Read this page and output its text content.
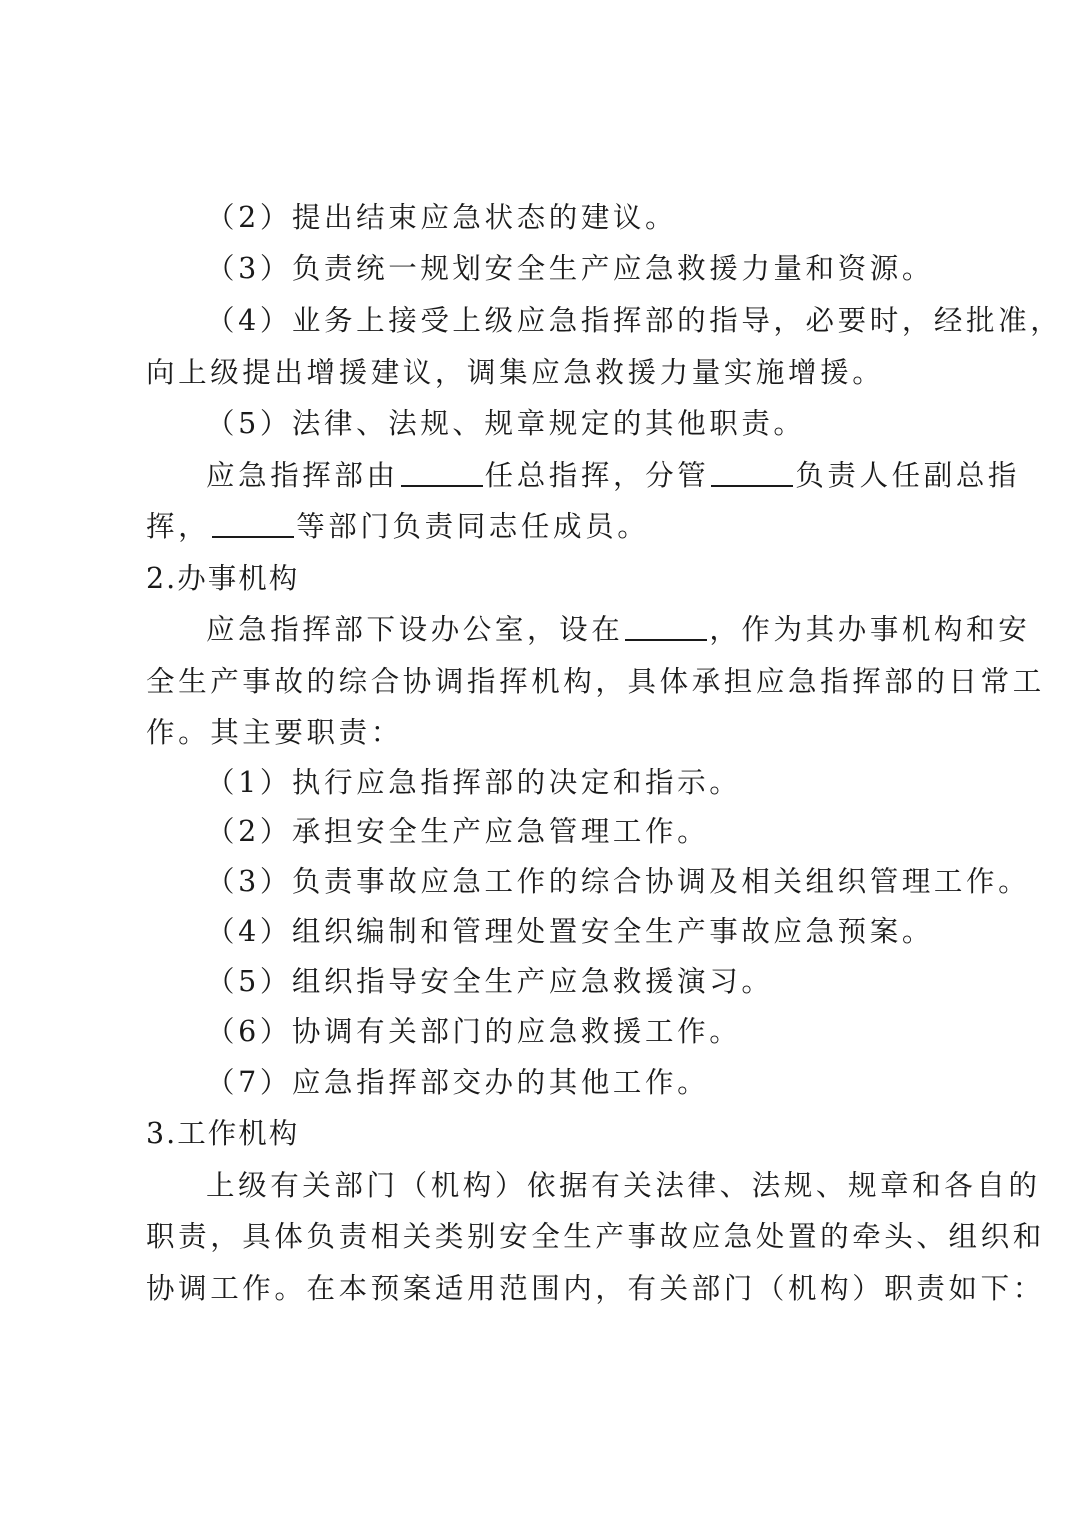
（2）提出结束应急状态的建议。
（3）负责统一规划安全生产应急救援力量和资源。
（4）业务上接受上级应急指挥部的指导，必要时，经批准，
向上级提出增援建议，调集应急救援力量实施增援。
（5）法律、法规、规章规定的其他职责。
应急指挥部由	任总指挥，分管	负责人任副总指
挥，	等部门负责同志任成员。
2.办事机构
应急指挥部下设办公室，设在	，作为其办事机构和安
全生产事故的综合协调指挥机构，具体承担应急指挥部的日常工
作。其主要职责：
（1）执行应急指挥部的决定和指示。
（2）承担安全生产应急管理工作。
（3）负责事故应急工作的综合协调及相关组织管理工作。
（4）组织编制和管理处置安全生产事故应急预案。
（5）组织指导安全生产应急救援演习。
（6）协调有关部门的应急救援工作。
（7）应急指挥部交办的其他工作。
3.工作机构
上级有关部门（机构）依据有关法律、法规、规章和各自的
职责，具体负责相关类别安全生产事故应急处置的牵头、组织和
协调工作。在本预案适用范围内，有关部门（机构）职责如下：
